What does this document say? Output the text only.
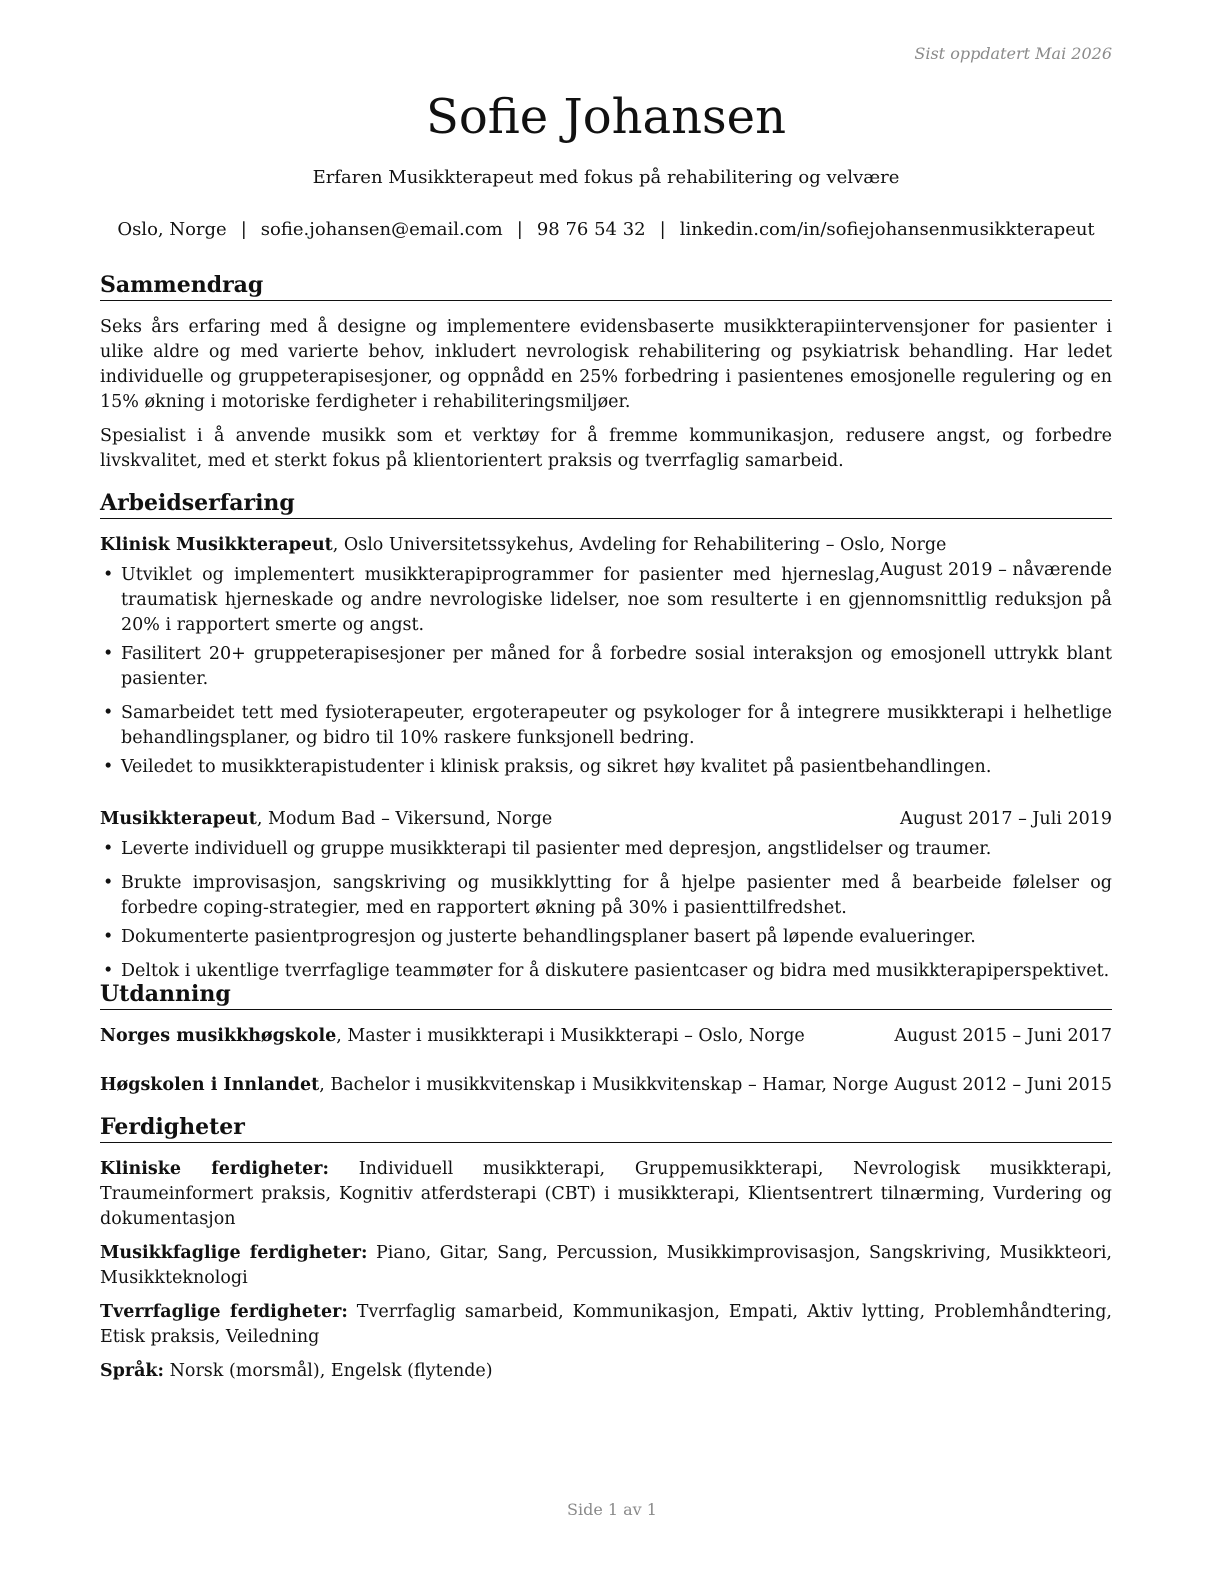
Sist oppdatert Mai 2026
Sofie Johansen
Erfaren Musikkterapeut med fokus på rehabilitering og velvære
Oslo, Norge | sofie.johansen@email.com | 98 76 54 32 | linkedin.com/in/sofiejohansenmusikkterapeut
Sammendrag

Seks års erfaring med å designe og implementere evidensbaserte musikkterapiintervensjoner for pasienter i ulike aldre og med varierte behov, inkludert nevrologisk rehabilitering og psykiatrisk behandling. Har ledet individuelle og gruppeterapisesjoner, og oppnådd en 25% forbedring i pasientenes emosjonelle regulering og en 15% økning i motoriske ferdigheter i rehabiliteringsmiljøer.

Spesialist i å anvende musikk som et verktøy for å fremme kommunikasjon, redusere angst, og forbedre livskvalitet, med et sterkt fokus på klientorientert praksis og tverrfaglig samarbeid.

Arbeidserfaring
Klinisk Musikkterapeut, Oslo Universitetssykehus, Avdeling for Rehabilitering – Oslo, Norge
August 2019 – nåværende
• Utviklet og implementert musikkterapiprogrammer for pasienter med hjerneslag, traumatisk hjerneskade og andre nevrologiske lidelser, noe som resulterte i en gjennomsnittlig reduksjon på 20% i rapportert smerte og angst.
• Fasilitert 20+ gruppeterapisesjoner per måned for å forbedre sosial interaksjon og emosjonell uttrykk blant pasienter.
• Samarbeidet tett med fysioterapeuter, ergoterapeuter og psykologer for å integrere musikkterapi i helhetlige behandlingsplaner, og bidro til 10% raskere funksjonell bedring.
• Veiledet to musikkterapistudenter i klinisk praksis, og sikret høy kvalitet på pasientbehandlingen.
Musikkterapeut, Modum Bad – Vikersund, Norge	August 2017 – Juli 2019
• Leverte individuell og gruppe musikkterapi til pasienter med depresjon, angstlidelser og traumer.
• Brukte improvisasjon, sangskriving og musikklytting for å hjelpe pasienter med å bearbeide følelser og forbedre coping-strategier, med en rapportert økning på 30% i pasienttilfredshet.
• Dokumenterte pasientprogresjon og justerte behandlingsplaner basert på løpende evalueringer.
• Deltok i ukentlige tverrfaglige teammøter for å diskutere pasientcaser og bidra med musikkterapiperspektivet.
Utdanning
Norges musikkhøgskole, Master i musikkterapi i Musikkterapi – Oslo, Norge	August 2015 – Juni 2017
Høgskolen i Innlandet, Bachelor i musikkvitenskap i Musikkvitenskap – Hamar, Norge August 2012 – Juni 2015
Ferdigheter

Kliniske ferdigheter: Individuell musikkterapi, Gruppemusikkterapi, Nevrologisk musikkterapi, Traumeinformert praksis, Kognitiv atferdsterapi (CBT) i musikkterapi, Klientsentrert tilnærming, Vurdering og dokumentasjon

Musikkfaglige ferdigheter: Piano, Gitar, Sang, Percussion, Musikkimprovisasjon, Sangskriving, Musikkteori, Musikkteknologi

Tverrfaglige ferdigheter: Tverrfaglig samarbeid, Kommunikasjon, Empati, Aktiv lytting, Problemhåndtering, Etisk praksis, Veiledning

Språk: Norsk (morsmål), Engelsk (flytende)

Side 1 av 1
